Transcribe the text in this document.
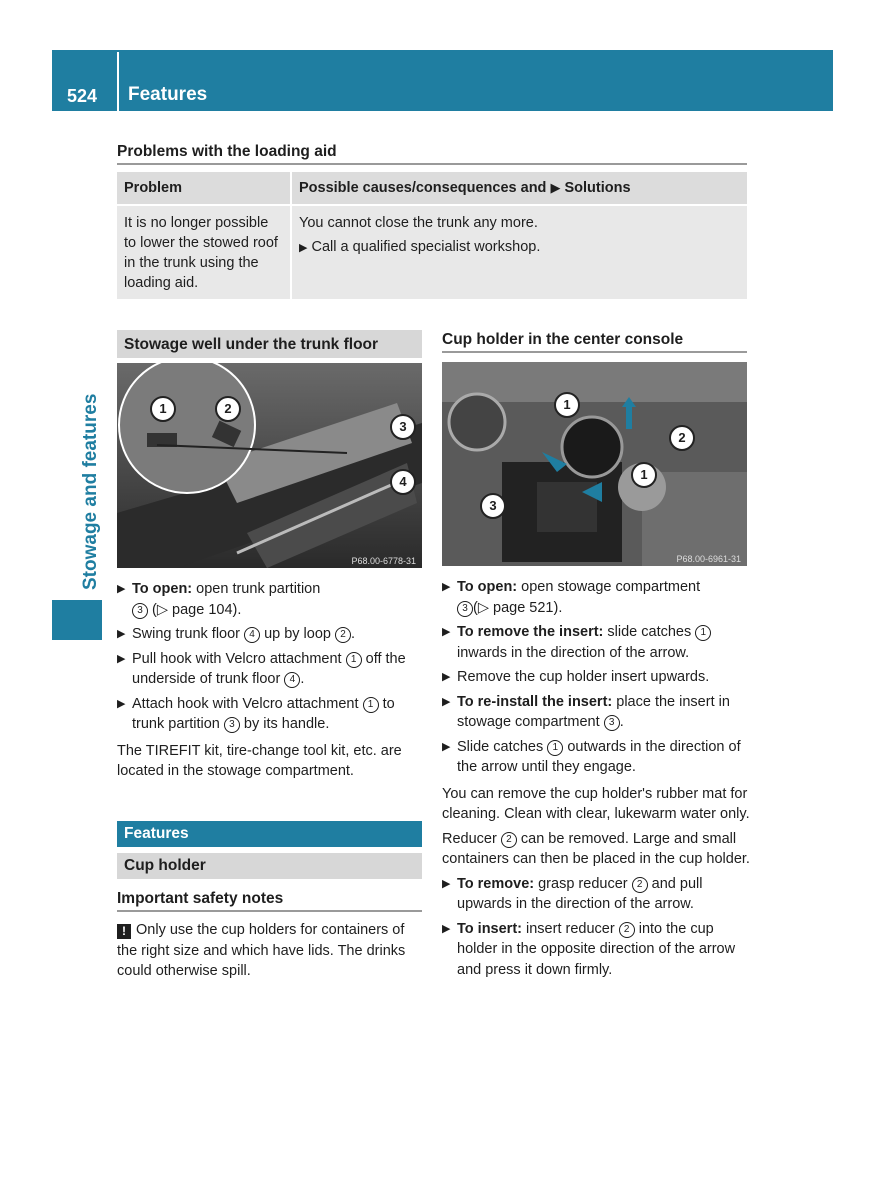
524	Features
Stowage and features
Problems with the loading aid
Problem	Possible causes/consequences and ▶ Solutions
It is no longer possible to lower the stowed roof in the trunk using the loading aid.	You cannot close the trunk any more.
▶ Call a qualified specialist workshop.
Stowage well under the trunk floor
P68.00-6778-31
1	2
3
4
▶ To open: open trunk partition
3 (▷ page 104).
▶ Swing trunk floor 4 up by loop 2 .
▶ Pull hook with Velcro attachment 1 off the underside of trunk floor 4 .
▶ Attach hook with Velcro attachment 1 to trunk partition 3 by its handle.

The TIREFIT kit, tire-change tool kit, etc. are located in the stowage compartment.

Features
Cup holder
Important safety notes
! Only use the cup holders for containers of the right size and which have lids. The drinks could otherwise spill.
Cup holder in the center console
P68.00-6961-31
1
2
1
3
▶ To open: open stowage compartment
3 (▷ page 521).
▶ To remove the insert: slide catches 1 inwards in the direction of the arrow.
▶ Remove the cup holder insert upwards.
▶ To re-install the insert: place the insert in stowage compartment 3 .
▶ Slide catches 1 outwards in the direction of the arrow until they engage.

You can remove the cup holder's rubber mat for cleaning. Clean with clear, lukewarm water only.

Reducer 2 can be removed. Large and small containers can then be placed in the cup holder.

▶ To remove: grasp reducer 2 and pull upwards in the direction of the arrow.
▶ To insert: insert reducer 2 into the cup holder in the opposite direction of the arrow and press it down firmly.
